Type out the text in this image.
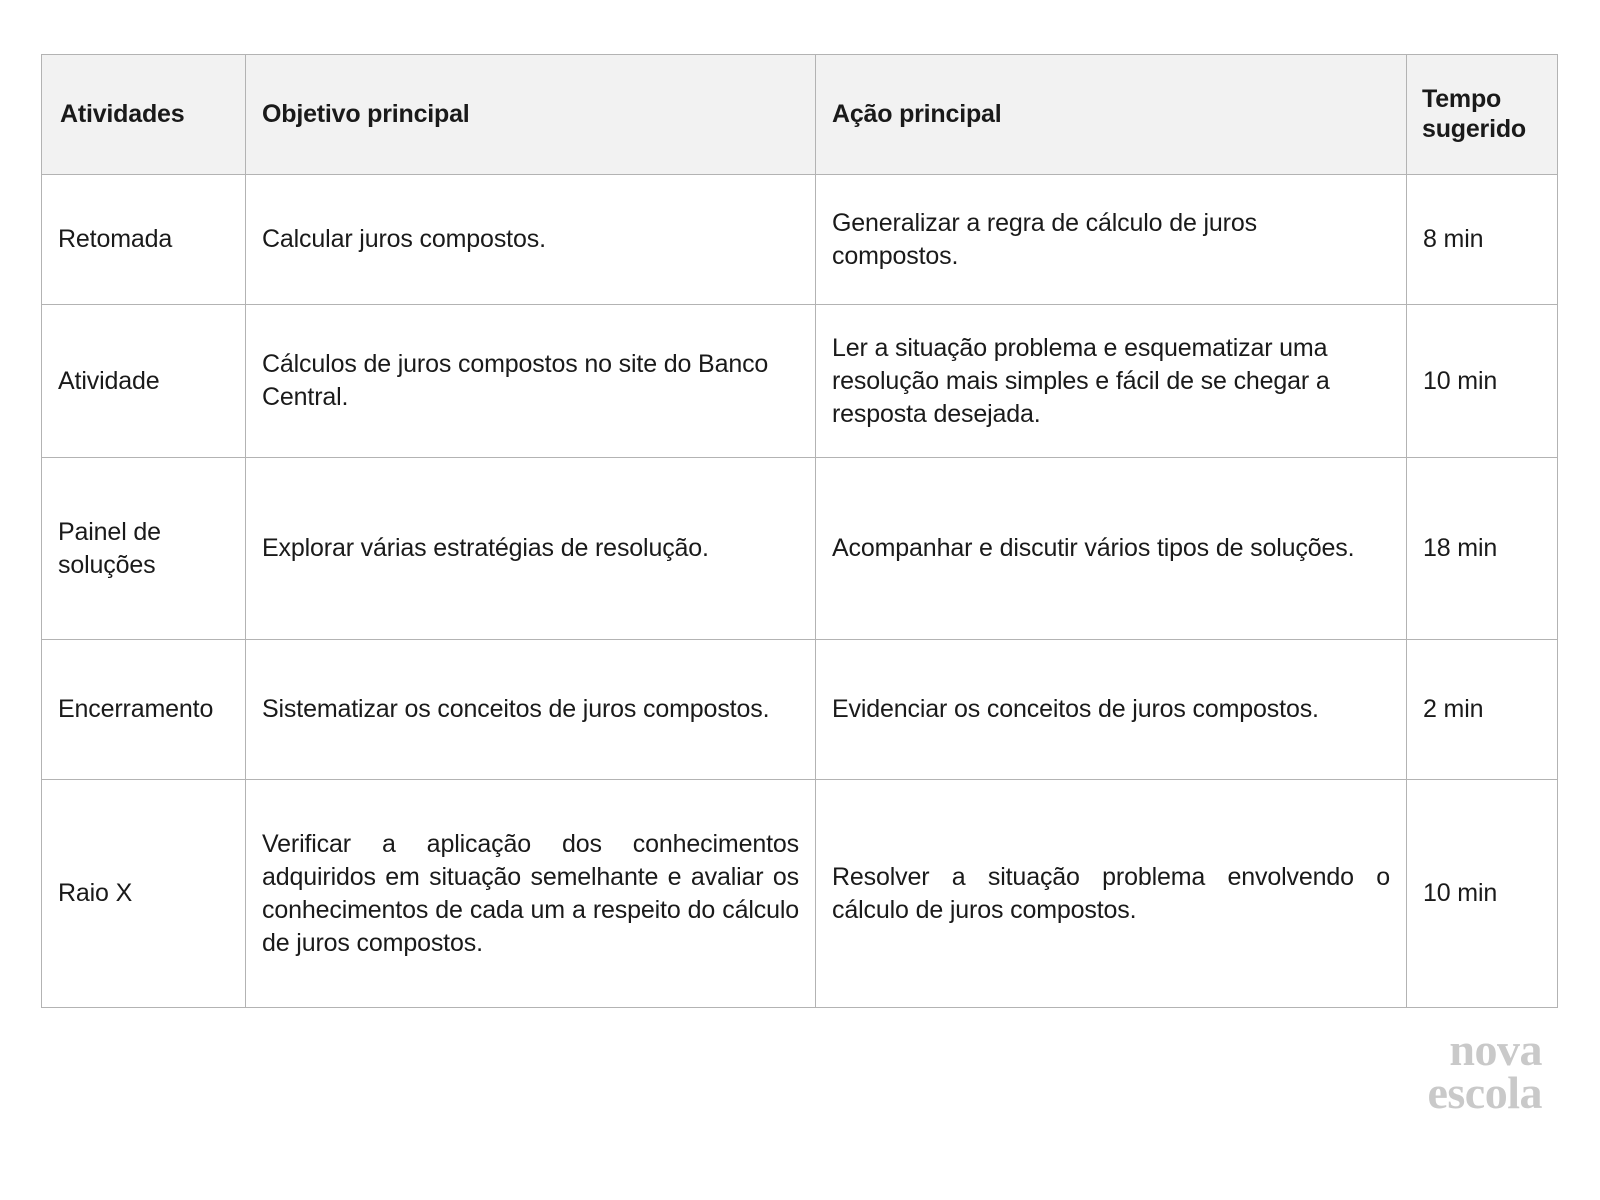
Atividades	Objetivo principal	Ação principal	Tempo
sugerido
Retomada	Calcular juros compostos.	Generalizar a regra de cálculo de juros compostos.	8 min
Atividade	Cálculos de juros compostos no site do Banco Central.	Ler a situação problema e esquematizar uma resolução mais simples e fácil de se chegar a resposta desejada.	10 min
Painel de soluções	Explorar várias estratégias de resolução.	Acompanhar e discutir vários tipos de soluções.	18 min
Encerramento	Sistematizar os conceitos de juros compostos.	Evidenciar os conceitos de juros compostos.	2 min
Raio X	Verificar a aplicação dos conhecimentos adquiridos em situação semelhante e avaliar os conhecimentos de cada um a respeito do cálculo de juros compostos.	Resolver a situação problema envolvendo o cálculo de juros compostos.	10 min
nova
escola
